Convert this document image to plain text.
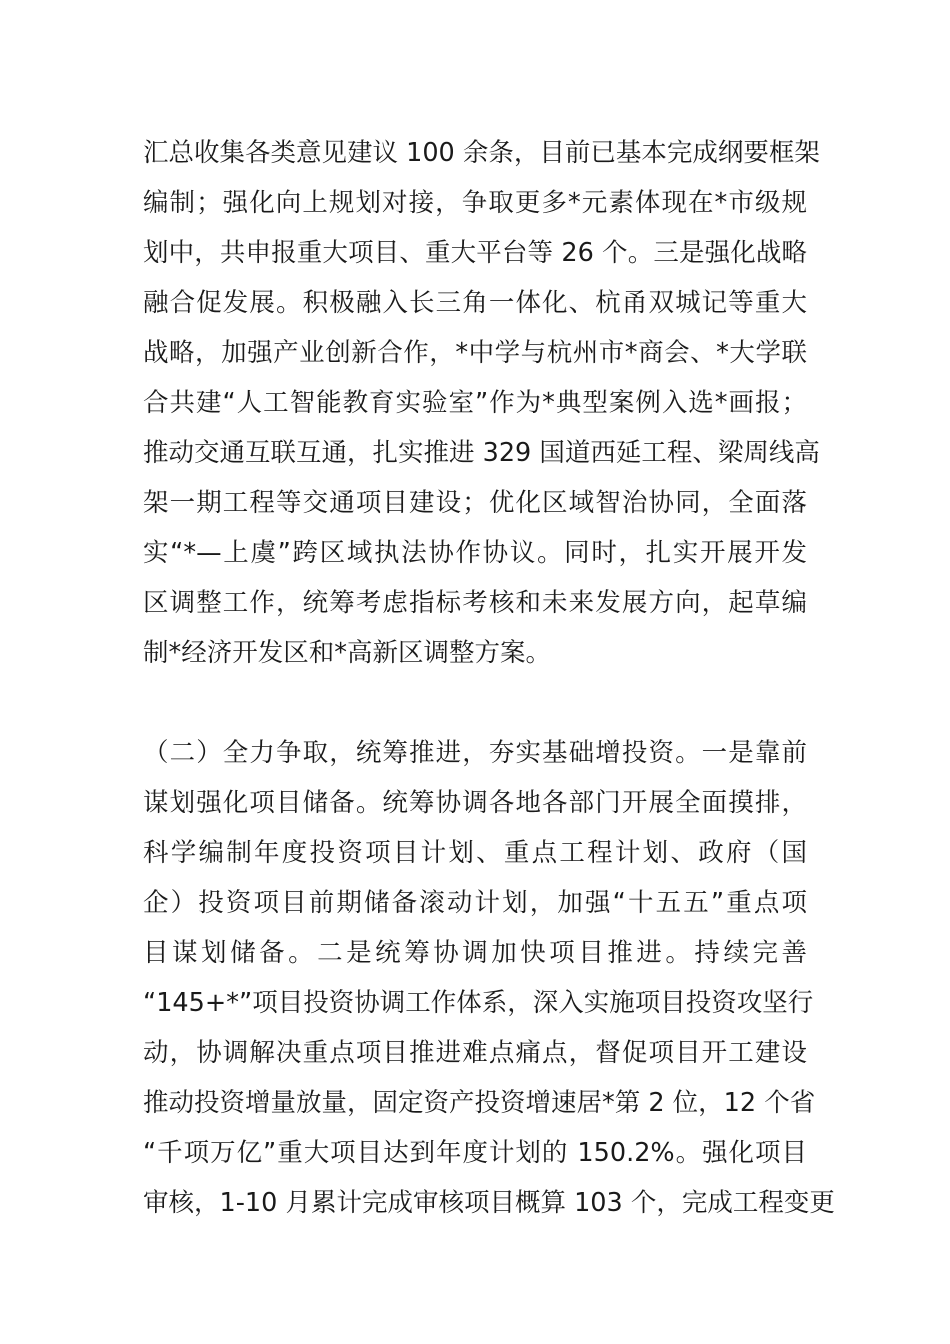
汇总收集各类意见建议 100 余条，目前已基本完成纲要框架
编制；强化向上规划对接，争取更多*元素体现在*市级规
划中，共申报重大项目、重大平台等 26 个。三是强化战略
融合促发展。积极融入长三角一体化、杭甬双城记等重大
战略，加强产业创新合作，*中学与杭州市*商会、*大学联
合共建“人工智能教育实验室”作为*典型案例入选*画报；
推动交通互联互通，扎实推进 329 国道西延工程、梁周线高
架一期工程等交通项目建设；优化区域智治协同，全面落
实“*—上虞”跨区域执法协作协议。同时，扎实开展开发
区调整工作，统筹考虑指标考核和未来发展方向，起草编
制*经济开发区和*高新区调整方案。
（二）全力争取，统筹推进，夯实基础增投资。一是靠前
谋划强化项目储备。统筹协调各地各部门开展全面摸排，
科学编制年度投资项目计划、重点工程计划、政府（国
企）投资项目前期储备滚动计划，加强“十五五”重点项
目谋划储备。二是统筹协调加快项目推进。持续完善
“145+*”项目投资协调工作体系，深入实施项目投资攻坚行
动，协调解决重点项目推进难点痛点，督促项目开工建设
推动投资增量放量，固定资产投资增速居*第 2 位，12 个省
“千项万亿”重大项目达到年度计划的 150.2%。强化项目
审核，1-10 月累计完成审核项目概算 103 个，完成工程变更
